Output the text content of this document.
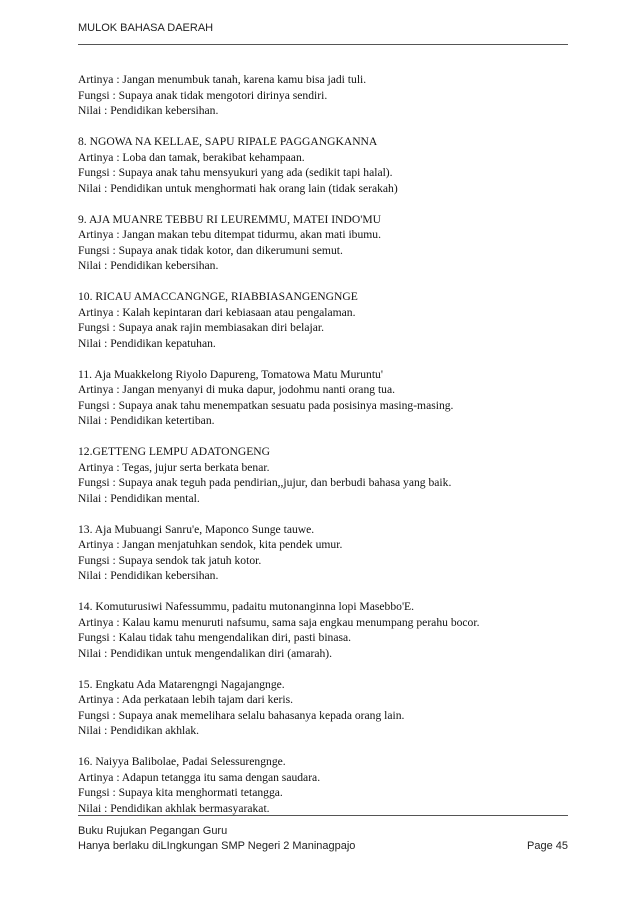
MULOK BAHASA DAERAH
Artinya : Jangan menumbuk tanah, karena kamu bisa jadi tuli.
Fungsi : Supaya anak tidak mengotori dirinya sendiri.
Nilai : Pendidikan kebersihan.
8. NGOWA NA KELLAE, SAPU RIPALE PAGGANGKANNA
Artinya : Loba dan tamak, berakibat kehampaan.
Fungsi : Supaya anak tahu mensyukuri yang ada (sedikit tapi halal).
Nilai : Pendidikan untuk menghormati hak orang lain (tidak serakah)
9. AJA MUANRE TEBBU RI LEUREMMU, MATEI INDO'MU
Artinya : Jangan makan tebu ditempat tidurmu, akan mati ibumu.
Fungsi : Supaya anak tidak kotor, dan dikerumuni semut.
Nilai : Pendidikan kebersihan.
10. RICAU AMACCANGNGE, RIABBIASANGENGNGE
Artinya : Kalah kepintaran dari kebiasaan atau pengalaman.
Fungsi : Supaya anak rajin membiasakan diri belajar.
Nilai : Pendidikan kepatuhan.
11. Aja Muakkelong Riyolo Dapureng, Tomatowa Matu Muruntu'
Artinya : Jangan menyanyi di muka dapur, jodohmu nanti orang tua.
Fungsi : Supaya anak tahu menempatkan sesuatu pada posisinya masing-masing.
Nilai : Pendidikan ketertiban.
12.GETTENG LEMPU ADATONGENG
Artinya : Tegas, jujur serta berkata benar.
Fungsi : Supaya anak teguh pada pendirian,,jujur, dan berbudi bahasa yang baik.
Nilai : Pendidikan mental.
13. Aja Mubuangi Sanru'e, Maponco Sunge tauwe.
Artinya : Jangan menjatuhkan sendok, kita pendek umur.
Fungsi : Supaya sendok tak jatuh kotor.
Nilai : Pendidikan kebersihan.
14. Komuturusiwi Nafessummu, padaitu mutonanginna lopi Masebbo'E.
Artinya : Kalau kamu menuruti nafsumu, sama saja engkau menumpang perahu bocor.
Fungsi : Kalau tidak tahu mengendalikan diri, pasti binasa.
Nilai : Pendidikan untuk mengendalikan diri (amarah).
15. Engkatu Ada Matarengngi Nagajangnge.
Artinya : Ada perkataan lebih tajam dari keris.
Fungsi : Supaya anak memelihara selalu bahasanya kepada orang lain.
Nilai : Pendidikan akhlak.
16. Naiyya Balibolae, Padai Selessurengnge.
Artinya : Adapun tetangga itu sama dengan saudara.
Fungsi : Supaya kita menghormati tetangga.
Nilai : Pendidikan akhlak bermasyarakat.
Buku Rujukan Pegangan Guru
Hanya berlaku diLIngkungan SMP Negeri 2 Maninagpajo	Page 45
